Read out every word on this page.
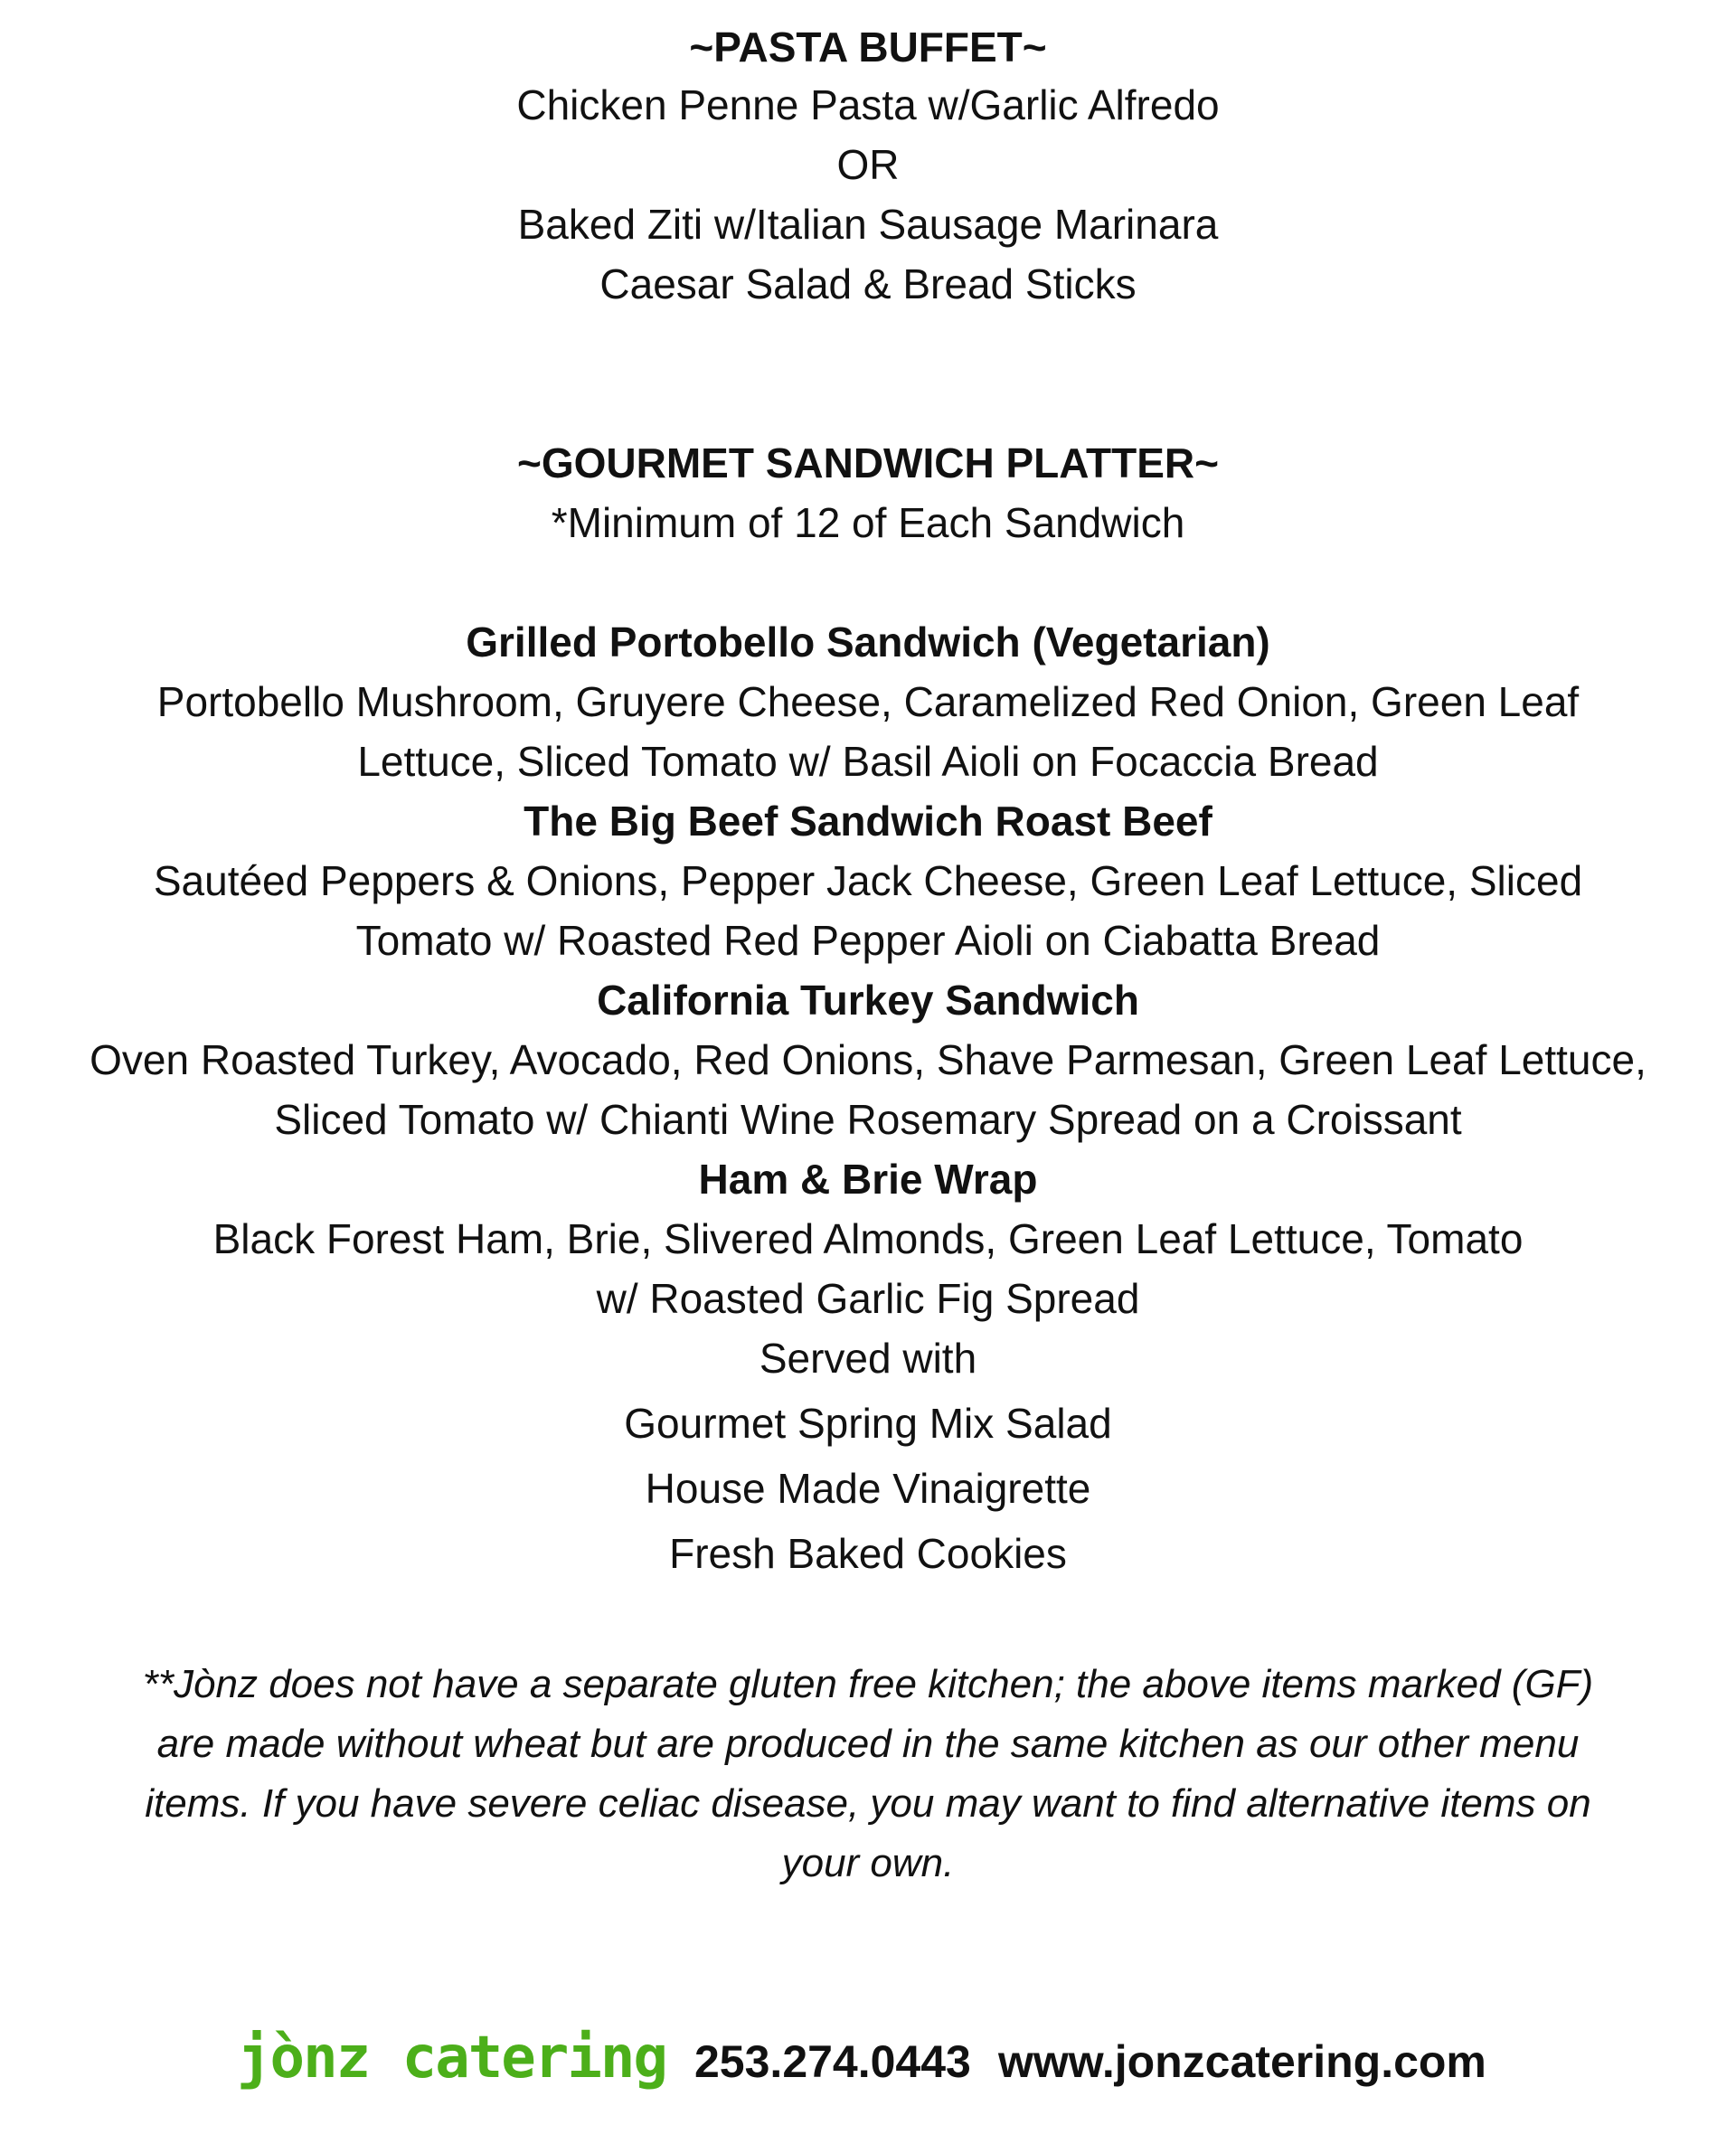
~PASTA BUFFET~
Chicken Penne Pasta w/Garlic Alfredo
OR
Baked Ziti w/Italian Sausage Marinara
Caesar Salad & Bread Sticks
~GOURMET SANDWICH PLATTER~
*Minimum of 12 of Each Sandwich
Grilled Portobello Sandwich (Vegetarian)
Portobello Mushroom, Gruyere Cheese, Caramelized Red Onion, Green Leaf
Lettuce, Sliced Tomato w/ Basil Aioli on Focaccia Bread
The Big Beef Sandwich Roast Beef
Sautéed Peppers & Onions, Pepper Jack Cheese, Green Leaf Lettuce, Sliced
Tomato w/ Roasted Red Pepper Aioli on Ciabatta Bread
California Turkey Sandwich
Oven Roasted Turkey, Avocado, Red Onions, Shave Parmesan, Green Leaf Lettuce,
Sliced Tomato w/ Chianti Wine Rosemary Spread on a Croissant
Ham & Brie Wrap
Black Forest Ham, Brie, Slivered Almonds, Green Leaf Lettuce, Tomato
w/ Roasted Garlic Fig Spread
Served with
Gourmet Spring Mix Salad
House Made Vinaigrette
Fresh Baked Cookies
**Jònz does not have a separate gluten free kitchen; the above items marked (GF)
are made without wheat but are produced in the same kitchen as our other menu
items. If you have severe celiac disease, you may want to find alternative items on
your own.
jònz catering 253.274.0443 www.jonzcatering.com
